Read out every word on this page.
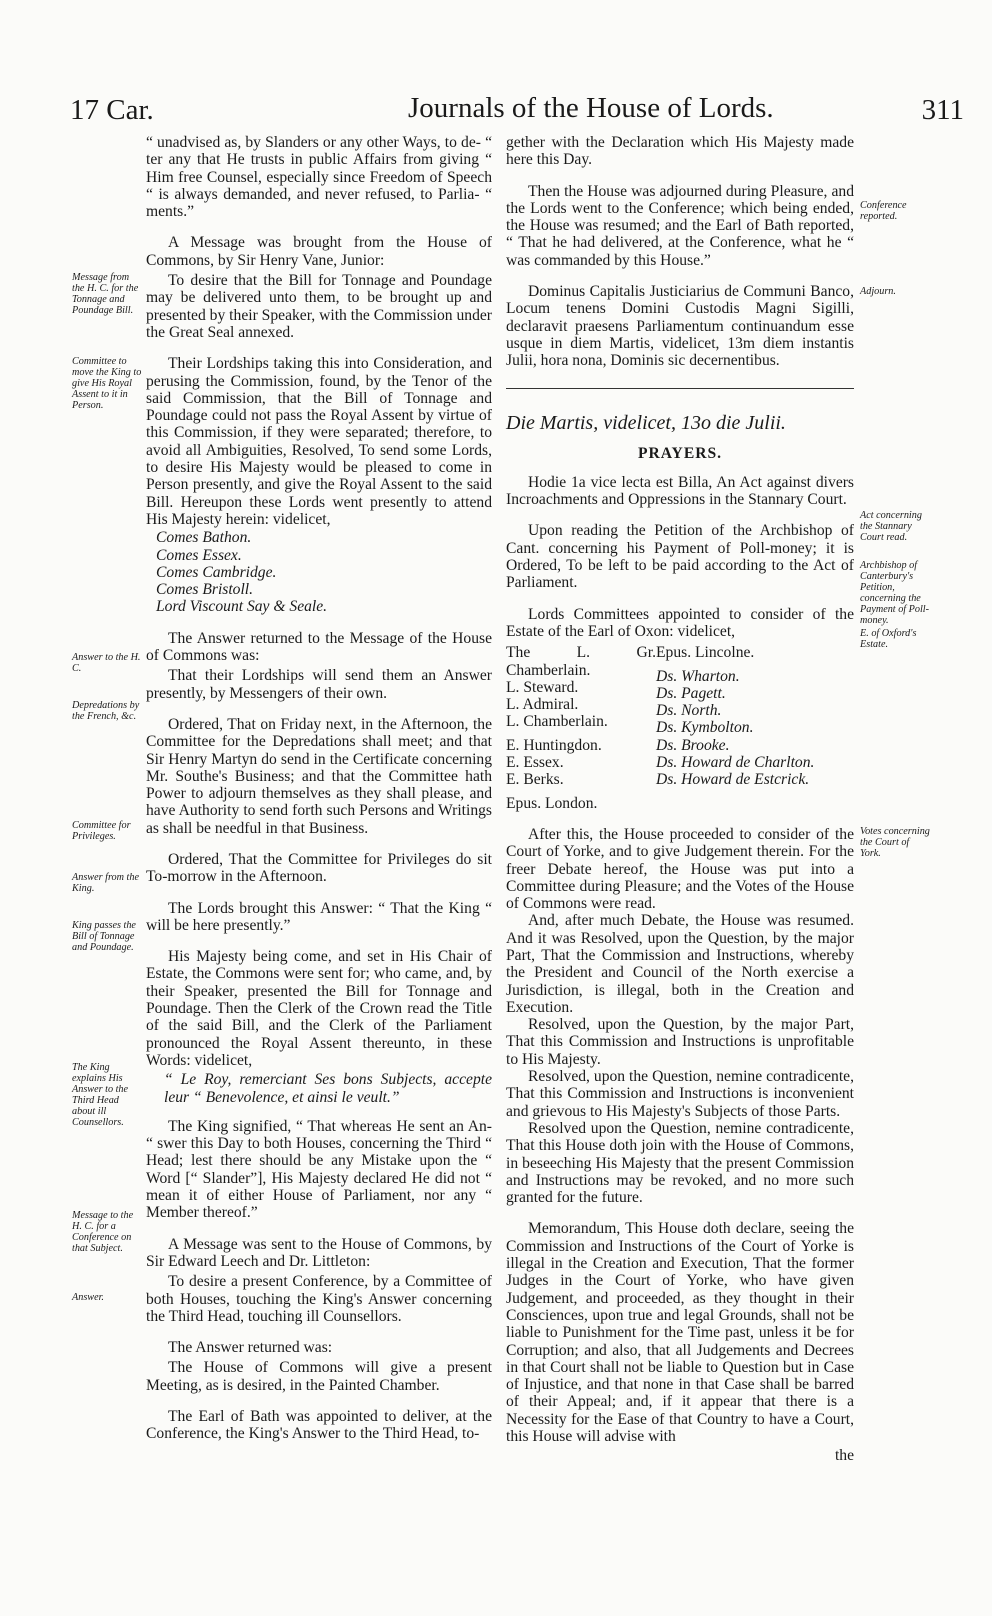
17 Car.	Journals of the House of Lords.	311
Message from the H. C. for the Tonnage and Poundage Bill.
Committee to move the King to give His Royal Assent to it in Person.
Answer to the H. C.
Depredations by the French, &c.
Committee for Privileges.
Answer from the King.
King passes the Bill of Tonnage and Poundage.
The King explains His Answer to the Third Head about ill Counsellors.
Message to the H. C. for a Conference on that Subject.
Answer.

“ unadvised as, by Slanders or any other Ways, to de- “ ter any that He trusts in public Affairs from giving “ Him free Counsel, especially since Freedom of Speech “ is always demanded, and never refused, to Parlia- “ ments.”

A Message was brought from the House of Commons, by Sir Henry Vane, Junior:

To desire that the Bill for Tonnage and Poundage may be delivered unto them, to be brought up and presented by their Speaker, with the Commission under the Great Seal annexed.

Their Lordships taking this into Consideration, and perusing the Commission, found, by the Tenor of the said Commission, that the Bill of Tonnage and Poundage could not pass the Royal Assent by virtue of this Commission, if they were separated; therefore, to avoid all Ambiguities, Resolved, To send some Lords, to desire His Majesty would be pleased to come in Person presently, and give the Royal Assent to the said Bill. Hereupon these Lords went presently to attend His Majesty herein: videlicet,

Comes Bathon.
Comes Essex.
Comes Cambridge.
Comes Bristoll.
Lord Viscount Say & Seale.

The Answer returned to the Message of the House of Commons was:

That their Lordships will send them an Answer presently, by Messengers of their own.

Ordered, That on Friday next, in the Afternoon, the Committee for the Depredations shall meet; and that Sir Henry Martyn do send in the Certificate concerning Mr. Southe's Business; and that the Committee hath Power to adjourn themselves as they shall please, and have Authority to send forth such Persons and Writings as shall be needful in that Business.

Ordered, That the Committee for Privileges do sit To-morrow in the Afternoon.

The Lords brought this Answer: “ That the King “ will be here presently.”

His Majesty being come, and set in His Chair of Estate, the Commons were sent for; who came, and, by their Speaker, presented the Bill for Tonnage and Poundage. Then the Clerk of the Crown read the Title of the said Bill, and the Clerk of the Parliament pronounced the Royal Assent thereunto, in these Words: videlicet,

“ Le Roy, remerciant Ses bons Subjects, accepte leur “ Benevolence, et ainsi le veult.”

The King signified, “ That whereas He sent an An- “ swer this Day to both Houses, concerning the Third “ Head; lest there should be any Mistake upon the “ Word [“ Slander”], His Majesty declared He did not “ mean it of either House of Parliament, nor any “ Member thereof.”

A Message was sent to the House of Commons, by Sir Edward Leech and Dr. Littleton:

To desire a present Conference, by a Committee of both Houses, touching the King's Answer concerning the Third Head, touching ill Counsellors.

The Answer returned was:

The House of Commons will give a present Meeting, as is desired, in the Painted Chamber.

The Earl of Bath was appointed to deliver, at the Conference, the King's Answer to the Third Head, to-

gether with the Declaration which His Majesty made here this Day.

Then the House was adjourned during Pleasure, and the Lords went to the Conference; which being ended, the House was resumed; and the Earl of Bath reported, “ That he had delivered, at the Conference, what he “ was commanded by this House.”

Dominus Capitalis Justiciarius de Communi Banco, Locum tenens Domini Custodis Magni Sigilli, declaravit praesens Parliamentum continuandum esse usque in diem Martis, videlicet, 13m diem instantis Julii, hora nona, Dominis sic decernentibus.

Die Martis, videlicet, 13o die Julii.

PRAYERS.

Hodie 1a vice lecta est Billa, An Act against divers Incroachments and Oppressions in the Stannary Court.

Upon reading the Petition of the Archbishop of Cant. concerning his Payment of Poll-money; it is Ordered, To be left to be paid according to the Act of Parliament.

Lords Committees appointed to consider of the Estate of the Earl of Oxon: videlicet,

The L. Gr. Chamberlain.
L. Steward.
L. Admiral.
L. Chamberlain.
E. Huntingdon.
E. Essex.
E. Berks.
Epus. London.
Epus. Lincolne.
Ds. Wharton.
Ds. Pagett.
Ds. North.
Ds. Kymbolton.
Ds. Brooke.
Ds. Howard de Charlton.
Ds. Howard de Estcrick.

After this, the House proceeded to consider of the Court of Yorke, and to give Judgement therein. For the freer Debate hereof, the House was put into a Committee during Pleasure; and the Votes of the House of Commons were read.

And, after much Debate, the House was resumed. And it was Resolved, upon the Question, by the major Part, That the Commission and Instructions, whereby the President and Council of the North exercise a Jurisdiction, is illegal, both in the Creation and Execution.

Resolved, upon the Question, by the major Part, That this Commission and Instructions is unprofitable to His Majesty.

Resolved, upon the Question, nemine contradicente, That this Commission and Instructions is inconvenient and grievous to His Majesty's Subjects of those Parts.

Resolved upon the Question, nemine contradicente, That this House doth join with the House of Commons, in beseeching His Majesty that the present Commission and Instructions may be revoked, and no more such granted for the future.

Memorandum, This House doth declare, seeing the Commission and Instructions of the Court of Yorke is illegal in the Creation and Execution, That the former Judges in the Court of Yorke, who have given Judgement, and proceeded, as they thought in their Consciences, upon true and legal Grounds, shall not be liable to Punishment for the Time past, unless it be for Corruption; and also, that all Judgements and Decrees in that Court shall not be liable to Question but in Case of Injustice, and that none in that Case shall be barred of their Appeal; and, if it appear that there is a Necessity for the Ease of that Country to have a Court, this House will advise with

the

Conference reported.
Adjourn.
Act concerning the Stannary Court read.
Archbishop of Canterbury's Petition, concerning the Payment of Poll-money.
E. of Oxford's Estate.
Votes concerning the Court of York.
